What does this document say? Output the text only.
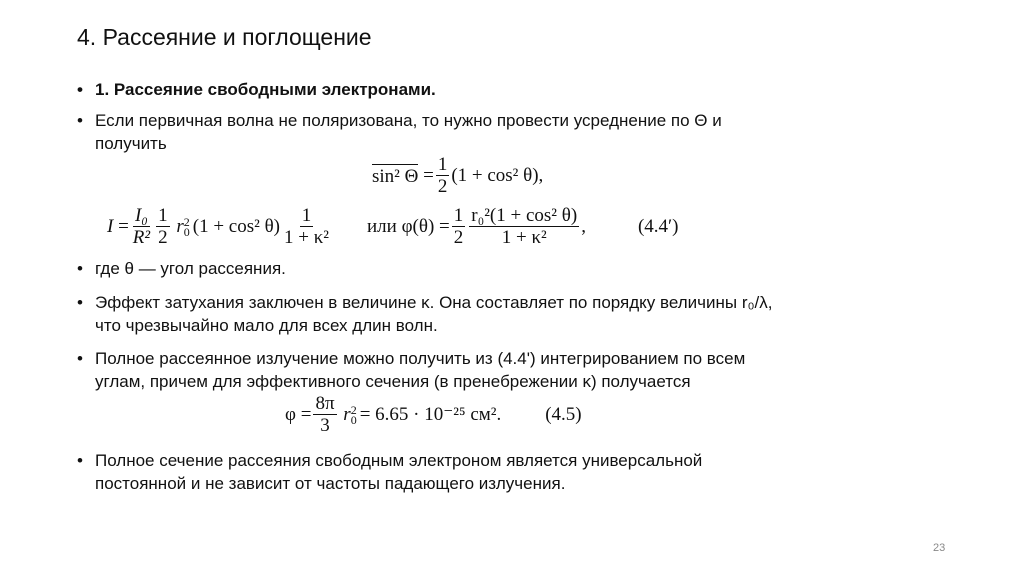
4. Рассеяние и поглощение
• 1. Рассеяние свободными электронами.
• Если первичная волна не поляризована, то нужно провести усреднение по Θ и
получить
sin² Θ
= $\frac{1}{2} (1 + \cos^2$ θ),
I
= $\frac{\text{I₀}}{\text{R²}} \frac{1}{2}$
r 2
0 (1 + cos² $\theta) \frac{1}{\text{1 + κ²}}$ или $\varphi(\theta) = \frac{1}{2} \frac{\text{r₀²(1 + cos² θ)}}{\text{1 + κ²}}$ ,	(4.4′)
• где θ — угол рассеяния.
• Эффект затухания заключен в величине κ. Она составляет по порядку величины r₀/λ,
что чрезвычайно мало для всех длин волн.
• Полное рассеянное излучение можно получить из (4.4') интегрированием по всем
углам, причем для эффективного сечения (в пренебрежении κ) получается
$\varphi = \frac{8\pi}{3}$
r 2
0 = 6.65 · 10⁻²⁵ см². (4.5)
• Полное сечение рассеяния свободным электроном является универсальной
постоянной и не зависит от частоты падающего излучения.
23
